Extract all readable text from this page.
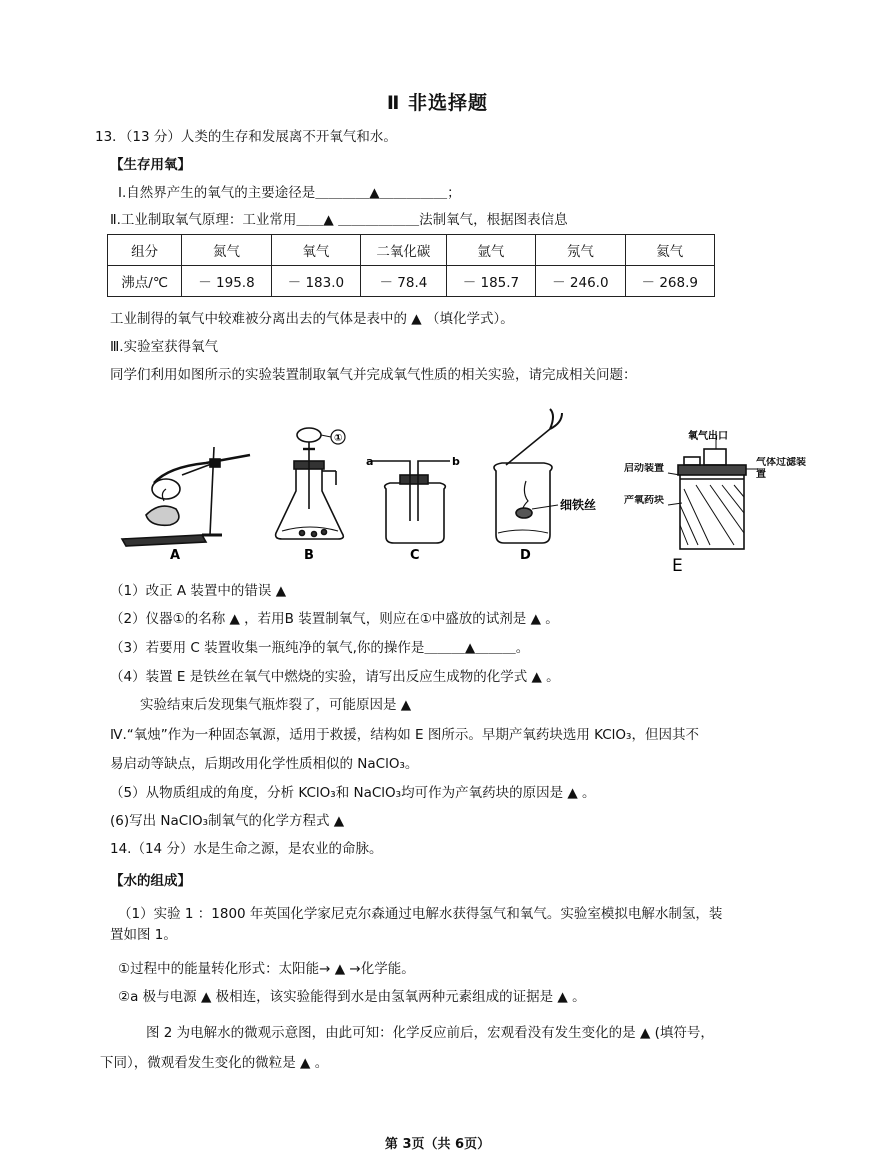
Ⅱ 非选择题
13．（13 分）人类的生存和发展离不开氧气和水。
【生存用氧】
Ⅰ.自然界产生的氧气的主要途径是＿＿＿＿▲＿＿＿＿＿；
Ⅱ.工业制取氧气原理：工业常用＿＿▲ ＿＿＿＿＿＿法制氧气，根据图表信息
组分	氮气	氧气	二氧化碳	氩气	氖气	氦气
沸点/℃	－ 195.8	－ 183.0	－ 78.4	－ 185.7	－ 246.0	－ 268.9
工业制得的氧气中较难被分离出去的气体是表中的 ▲ （填化学式）。
Ⅲ.实验室获得氧气
同学们利用如图所示的实验装置制取氧气并完成氧气性质的相关实验，请完成相关问题：
A
①
B
a	b
C
细铁丝
D
氧气出口
气体过滤装置
启动装置
产氧药块
E
（1）改正 A 装置中的错误 ▲
（2）仪器①的名称 ▲ ，若用B 装置制氧气，则应在①中盛放的试剂是 ▲ 。
（3）若要用 C 装置收集一瓶纯净的氧气,你的操作是＿＿＿▲＿＿＿。
（4）装置 E 是铁丝在氧气中燃烧的实验，请写出反应生成物的化学式 ▲ 。
实验结束后发现集气瓶炸裂了，可能原因是 ▲
Ⅳ.“氧烛”作为一种固态氧源，适用于救援，结构如 E 图所示。早期产氧药块选用 KClO₃，但因其不
易启动等缺点，后期改用化学性质相似的 NaClO₃。
（5）从物质组成的角度，分析 KClO₃和 NaClO₃均可作为产氧药块的原因是 ▲ 。
(6)写出 NaClO₃制氧气的化学方程式 ▲
14.（14 分）水是生命之源，是农业的命脉。
【水的组成】
（1）实验 1 ：1800 年英国化学家尼克尔森通过电解水获得氢气和氧气。实验室模拟电解水制氢，装
置如图 1。
①过程中的能量转化形式：太阳能→ ▲ →化学能。
②a 极与电源 ▲ 极相连，该实验能得到水是由氢氧两种元素组成的证据是 ▲ 。
图 2 为电解水的微观示意图，由此可知：化学反应前后，宏观看没有发生变化的是 ▲ (填符号，
下同），微观看发生变化的微粒是 ▲ 。
第 3页（共 6页）
